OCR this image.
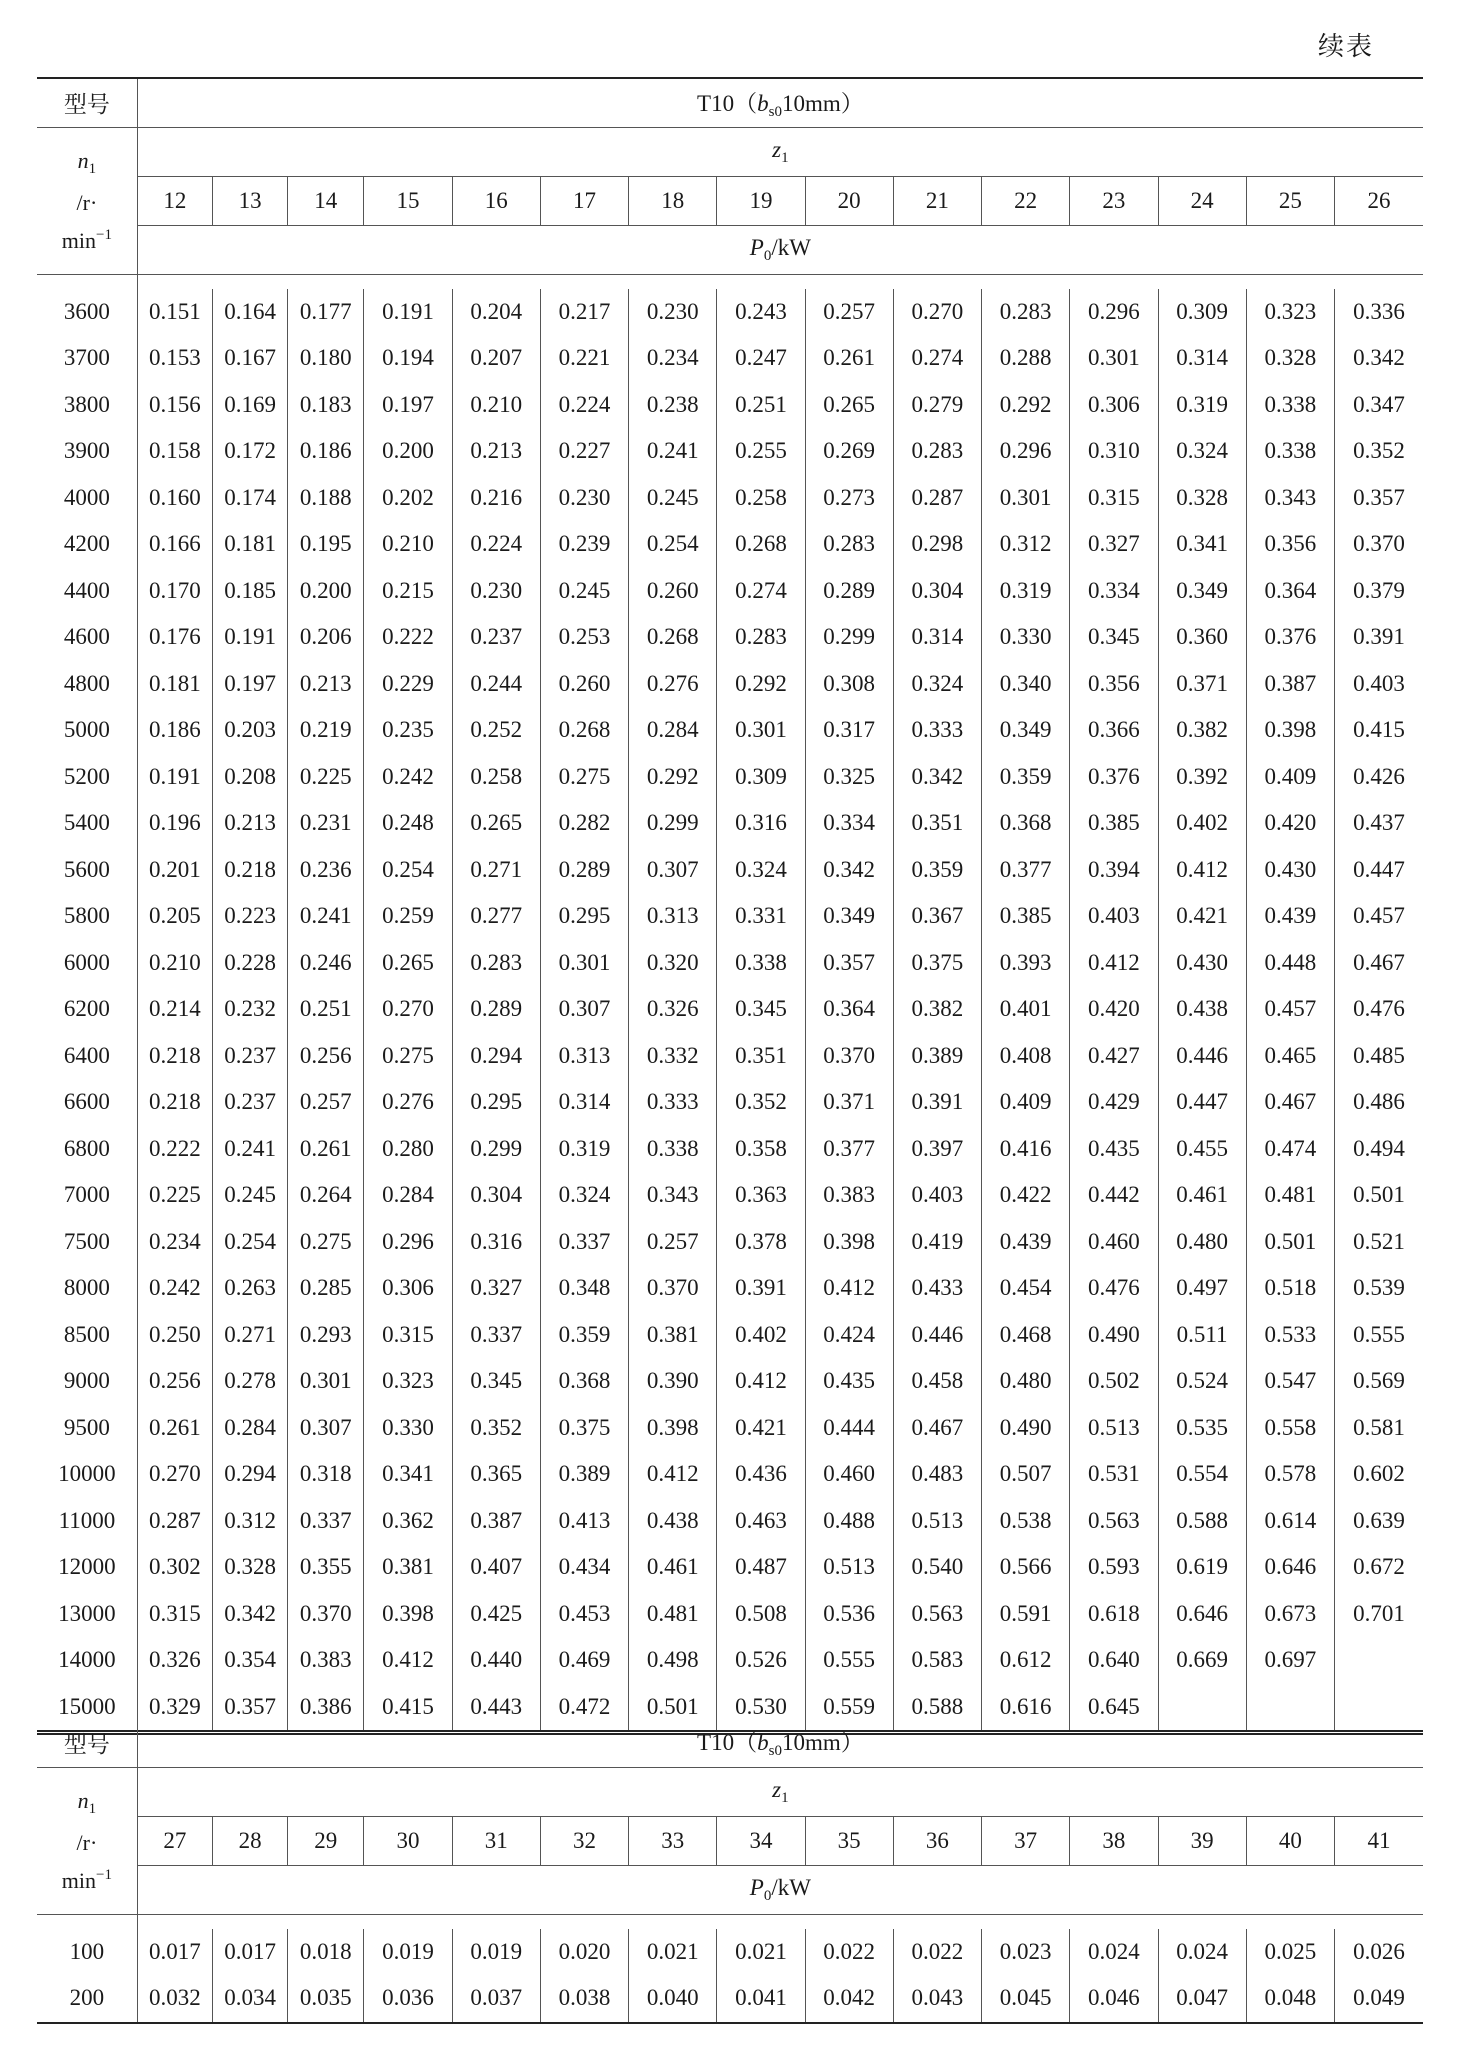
续表
型号	$T10(b_{s0}10mm)$														

$n_1$
/r·
$\min^{-1}$	$z_1$
	12	13	14	15	16	17	18	19	20	21	22	23	24	25	26
	$P_0/kW$														

3600	0.151	0.164	0.177	0.191	0.204	0.217	0.230	0.243	0.257	0.270	0.283	0.296	0.309	0.323	0.336
3700	0.153	0.167	0.180	0.194	0.207	0.221	0.234	0.247	0.261	0.274	0.288	0.301	0.314	0.328	0.342
3800	0.156	0.169	0.183	0.197	0.210	0.224	0.238	0.251	0.265	0.279	0.292	0.306	0.319	0.338	0.347
3900	0.158	0.172	0.186	0.200	0.213	0.227	0.241	0.255	0.269	0.283	0.296	0.310	0.324	0.338	0.352
4000	0.160	0.174	0.188	0.202	0.216	0.230	0.245	0.258	0.273	0.287	0.301	0.315	0.328	0.343	0.357
4200	0.166	0.181	0.195	0.210	0.224	0.239	0.254	0.268	0.283	0.298	0.312	0.327	0.341	0.356	0.370
4400	0.170	0.185	0.200	0.215	0.230	0.245	0.260	0.274	0.289	0.304	0.319	0.334	0.349	0.364	0.379
4600	0.176	0.191	0.206	0.222	0.237	0.253	0.268	0.283	0.299	0.314	0.330	0.345	0.360	0.376	0.391
4800	0.181	0.197	0.213	0.229	0.244	0.260	0.276	0.292	0.308	0.324	0.340	0.356	0.371	0.387	0.403
5000	0.186	0.203	0.219	0.235	0.252	0.268	0.284	0.301	0.317	0.333	0.349	0.366	0.382	0.398	0.415
5200	0.191	0.208	0.225	0.242	0.258	0.275	0.292	0.309	0.325	0.342	0.359	0.376	0.392	0.409	0.426
5400	0.196	0.213	0.231	0.248	0.265	0.282	0.299	0.316	0.334	0.351	0.368	0.385	0.402	0.420	0.437
5600	0.201	0.218	0.236	0.254	0.271	0.289	0.307	0.324	0.342	0.359	0.377	0.394	0.412	0.430	0.447
5800	0.205	0.223	0.241	0.259	0.277	0.295	0.313	0.331	0.349	0.367	0.385	0.403	0.421	0.439	0.457
6000	0.210	0.228	0.246	0.265	0.283	0.301	0.320	0.338	0.357	0.375	0.393	0.412	0.430	0.448	0.467
6200	0.214	0.232	0.251	0.270	0.289	0.307	0.326	0.345	0.364	0.382	0.401	0.420	0.438	0.457	0.476
6400	0.218	0.237	0.256	0.275	0.294	0.313	0.332	0.351	0.370	0.389	0.408	0.427	0.446	0.465	0.485
6600	0.218	0.237	0.257	0.276	0.295	0.314	0.333	0.352	0.371	0.391	0.409	0.429	0.447	0.467	0.486
6800	0.222	0.241	0.261	0.280	0.299	0.319	0.338	0.358	0.377	0.397	0.416	0.435	0.455	0.474	0.494
7000	0.225	0.245	0.264	0.284	0.304	0.324	0.343	0.363	0.383	0.403	0.422	0.442	0.461	0.481	0.501
7500	0.234	0.254	0.275	0.296	0.316	0.337	0.257	0.378	0.398	0.419	0.439	0.460	0.480	0.501	0.521
8000	0.242	0.263	0.285	0.306	0.327	0.348	0.370	0.391	0.412	0.433	0.454	0.476	0.497	0.518	0.539
8500	0.250	0.271	0.293	0.315	0.337	0.359	0.381	0.402	0.424	0.446	0.468	0.490	0.511	0.533	0.555
9000	0.256	0.278	0.301	0.323	0.345	0.368	0.390	0.412	0.435	0.458	0.480	0.502	0.524	0.547	0.569
9500	0.261	0.284	0.307	0.330	0.352	0.375	0.398	0.421	0.444	0.467	0.490	0.513	0.535	0.558	0.581
10000	0.270	0.294	0.318	0.341	0.365	0.389	0.412	0.436	0.460	0.483	0.507	0.531	0.554	0.578	0.602
11000	0.287	0.312	0.337	0.362	0.387	0.413	0.438	0.463	0.488	0.513	0.538	0.563	0.588	0.614	0.639
12000	0.302	0.328	0.355	0.381	0.407	0.434	0.461	0.487	0.513	0.540	0.566	0.593	0.619	0.646	0.672
13000	0.315	0.342	0.370	0.398	0.425	0.453	0.481	0.508	0.536	0.563	0.591	0.618	0.646	0.673	0.701
14000	0.326	0.354	0.383	0.412	0.440	0.469	0.498	0.526	0.555	0.583	0.612	0.640	0.669	0.697	
15000	0.329	0.357	0.386	0.415	0.443	0.472	0.501	0.530	0.559	0.588	0.616	0.645			
型号	$T10(b_{s0}10mm)$														

$n_1$
/r·
$\min^{-1}$	$z_1$
	27	28	29	30	31	32	33	34	35	36	37	38	39	40	41
	$P_0/kW$														

100	0.017	0.017	0.018	0.019	0.019	0.020	0.021	0.021	0.022	0.022	0.023	0.024	0.024	0.025	0.026
200	0.032	0.034	0.035	0.036	0.037	0.038	0.040	0.041	0.042	0.043	0.045	0.046	0.047	0.048	0.049
